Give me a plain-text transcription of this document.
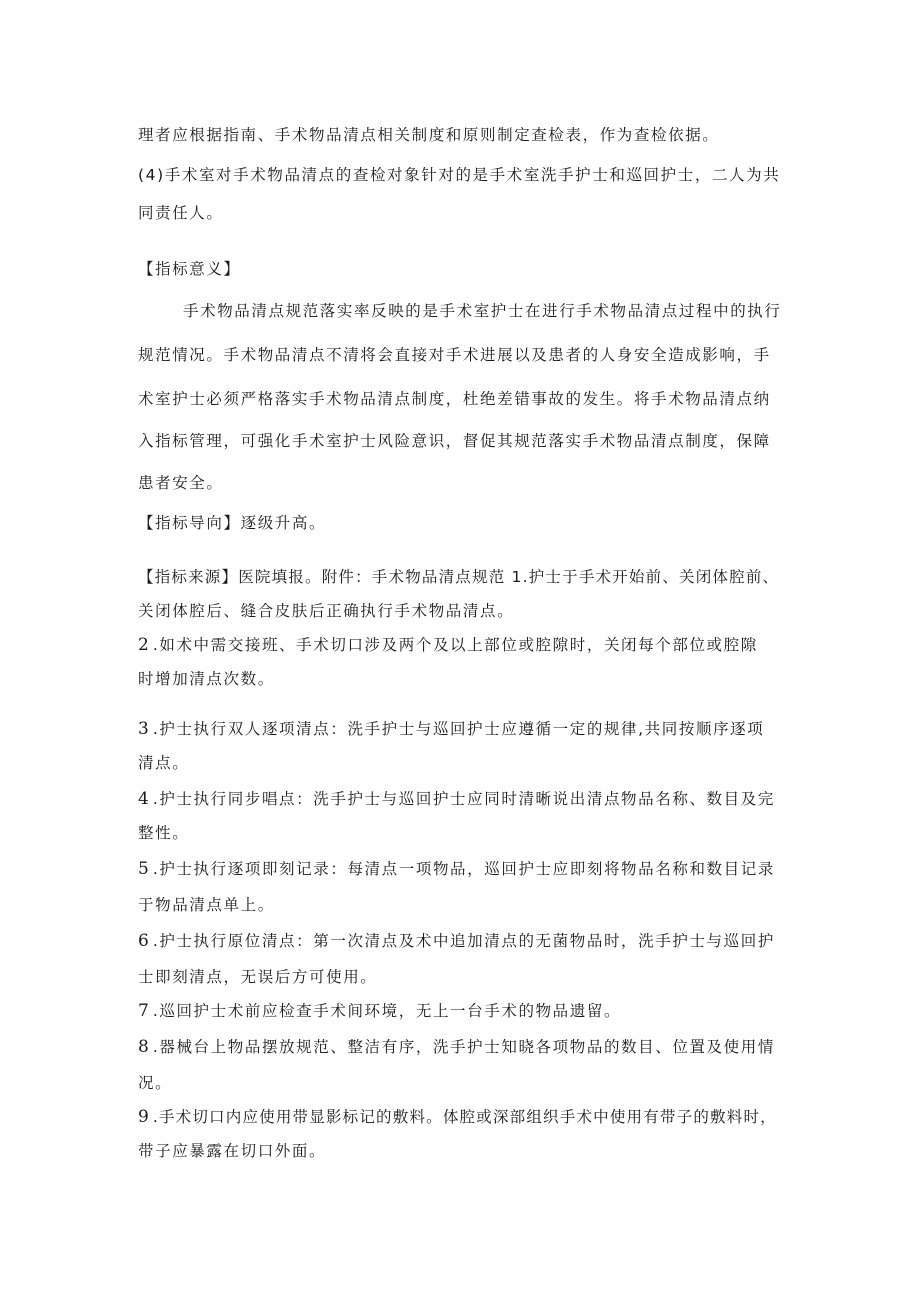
理者应根据指南、手术物品清点相关制度和原则制定查检表，作为查检依据。
(4)手术室对手术物品清点的查检对象针对的是手术室洗手护士和巡回护士，二人为共
同责任人。
【指标意义】
手术物品清点规范落实率反映的是手术室护士在进行手术物品清点过程中的执行
规范情况。手术物品清点不清将会直接对手术进展以及患者的人身安全造成影响，手
术室护士必须严格落实手术物品清点制度，杜绝差错事故的发生。将手术物品清点纳
入指标管理，可强化手术室护士风险意识，督促其规范落实手术物品清点制度，保障
患者安全。
【指标导向】逐级升高。
【指标来源】医院填报。附件：手术物品清点规范 1.护士于手术开始前、关闭体腔前、
关闭体腔后、缝合皮肤后正确执行手术物品清点。
2 .如术中需交接班、手术切口涉及两个及以上部位或腔隙时，关闭每个部位或腔隙
时增加清点次数。
3 .护士执行双人逐项清点：洗手护士与巡回护士应遵循一定的规律,共同按顺序逐项
清点。
4 .护士执行同步唱点：洗手护士与巡回护士应同时清晰说出清点物品名称、数目及完
整性。
5 .护士执行逐项即刻记录：每清点一项物品，巡回护士应即刻将物品名称和数目记录
于物品清点单上。
6 .护士执行原位清点：第一次清点及术中追加清点的无菌物品时，洗手护士与巡回护
士即刻清点，无误后方可使用。
7 .巡回护士术前应检查手术间环境，无上一台手术的物品遗留。
8 .器械台上物品摆放规范、整洁有序，洗手护士知晓各项物品的数目、位置及使用情
况。
9 .手术切口内应使用带显影标记的敷料。体腔或深部组织手术中使用有带子的敷料时，
带子应暴露在切口外面。
